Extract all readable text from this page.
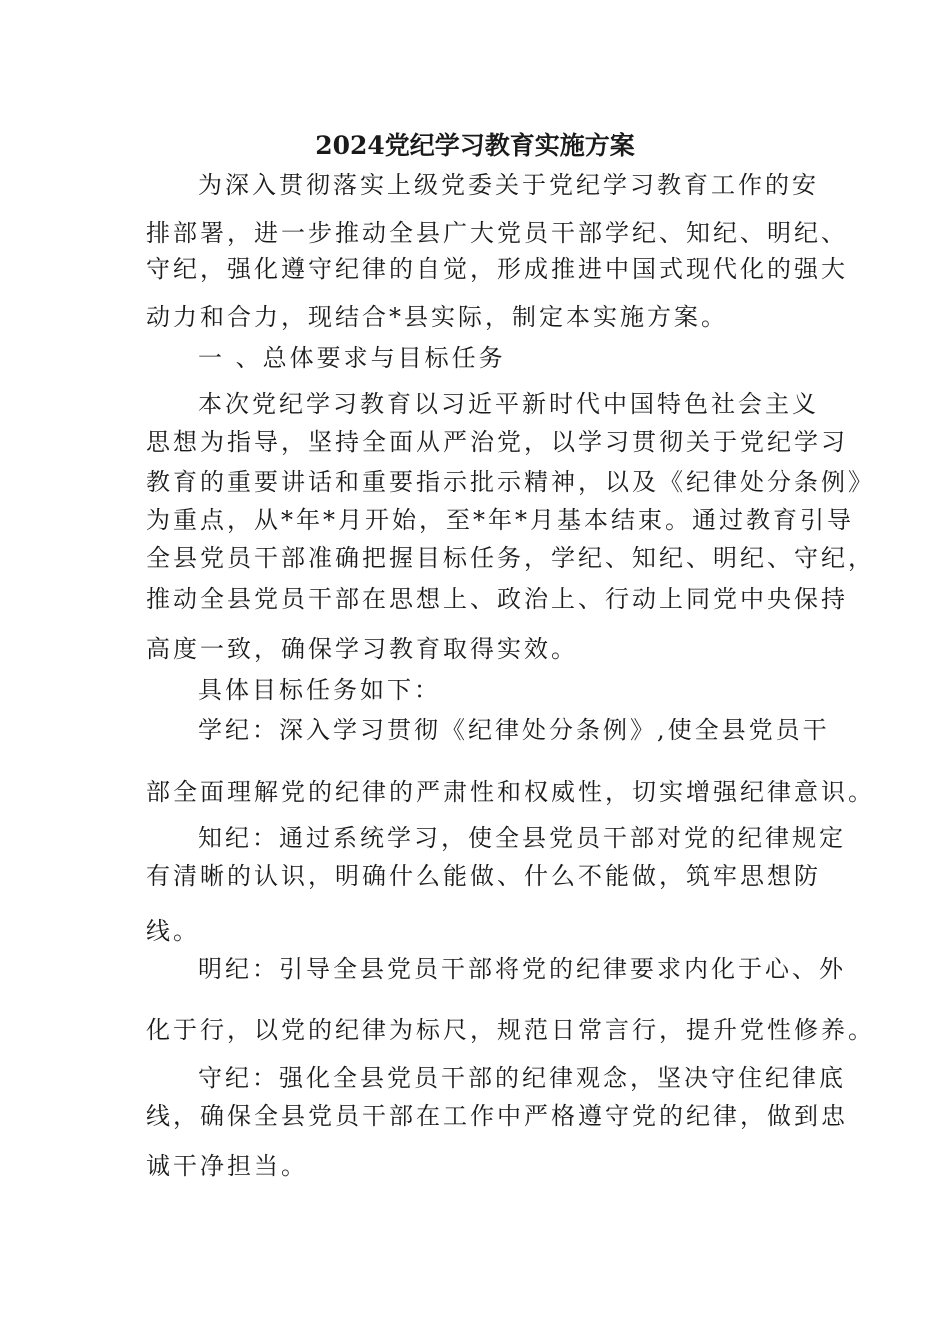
2024党纪学习教育实施方案
为深入贯彻落实上级党委关于党纪学习教育工作的安
排部署，进一步推动全县广大党员干部学纪、知纪、明纪、
守纪，强化遵守纪律的自觉，形成推进中国式现代化的强大
动力和合力，现结合*县实际，制定本实施方案。
一 、总体要求与目标任务
本次党纪学习教育以习近平新时代中国特色社会主义
思想为指导，坚持全面从严治党，以学习贯彻关于党纪学习
教育的重要讲话和重要指示批示精神，以及《纪律处分条例》
为重点，从*年*月开始，至*年*月基本结束。通过教育引导
全县党员干部准确把握目标任务，学纪、知纪、明纪、守纪，
推动全县党员干部在思想上、政治上、行动上同党中央保持
高度一致，确保学习教育取得实效。
具体目标任务如下：
学纪：深入学习贯彻《纪律处分条例》,使全县党员干
部全面理解党的纪律的严肃性和权威性，切实增强纪律意识。
知纪：通过系统学习，使全县党员干部对党的纪律规定
有清晰的认识，明确什么能做、什么不能做，筑牢思想防
线。
明纪：引导全县党员干部将党的纪律要求内化于心、外
化于行，以党的纪律为标尺，规范日常言行，提升党性修养。
守纪：强化全县党员干部的纪律观念，坚决守住纪律底
线，确保全县党员干部在工作中严格遵守党的纪律，做到忠
诚干净担当。
